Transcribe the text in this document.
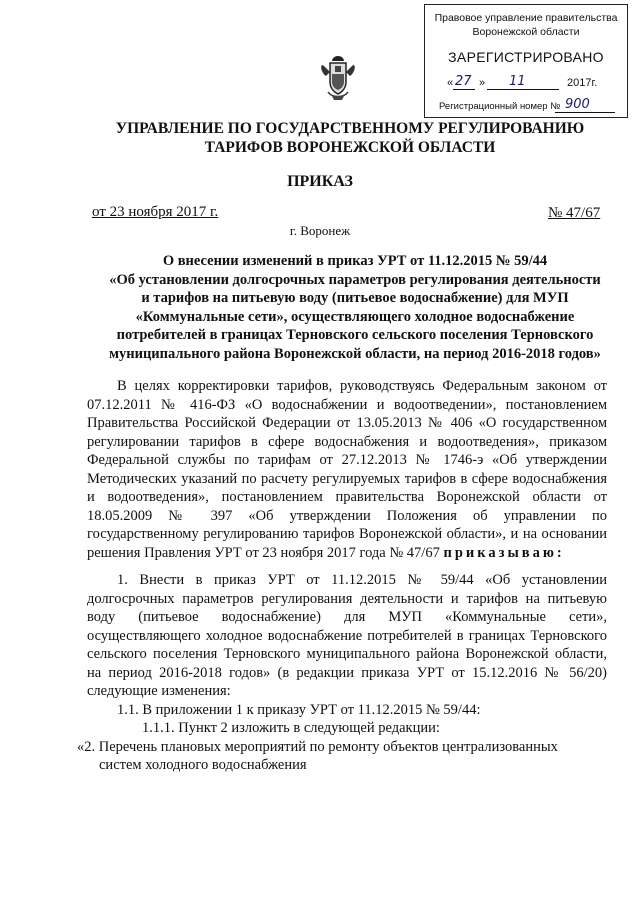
Правовое управление правительства
Воронежской области
ЗАРЕГИСТРИРОВАНО
« 27 » 11	2017г.
Регистрационный номер № 900
УПРАВЛЕНИЕ ПО ГОСУДАРСТВЕННОМУ РЕГУЛИРОВАНИЮ
ТАРИФОВ ВОРОНЕЖСКОЙ ОБЛАСТИ
ПРИКАЗ
от 23 ноября 2017 г.	№ 47/67
г. Воронеж
О внесении изменений в приказ УРТ от 11.12.2015 № 59/44
«Об установлении долгосрочных параметров регулирования деятельности
и тарифов на питьевую воду (питьевое водоснабжение) для МУП
«Коммунальные сети», осуществляющего холодное водоснабжение
потребителей в границах Терновского сельского поселения Терновского
муниципального района Воронежской области, на период 2016-2018 годов»

В целях корректировки тарифов, руководствуясь Федеральным законом от 07.12.2011 № 416-ФЗ «О водоснабжении и водоотведении», постановлением Правительства Российской Федерации от 13.05.2013 № 406 «О государственном регулировании тарифов в сфере водоснабжения и водоотведения», приказом Федеральной службы по тарифам от 27.12.2013 № 1746-э «Об утверждении Методических указаний по расчету регулируемых тарифов в сфере водоснабжения и водоотведения», постановлением правительства Воронежской области от 18.05.2009 № 397 «Об утверждении Положения об управлении по государственному регулированию тарифов Воронежской области», и на основании решения Правления УРТ от 23 ноября 2017 года № 47/67 приказываю:

1. Внести в приказ УРТ от 11.12.2015 № 59/44 «Об установлении долгосрочных параметров регулирования деятельности и тарифов на питьевую воду (питьевое водоснабжение) для МУП «Коммунальные сети», осуществляющего холодное водоснабжение потребителей в границах Терновского сельского поселения Терновского муниципального района Воронежской области, на период 2016-2018 годов» (в редакции приказа УРТ от 15.12.2016 № 56/20) следующие изменения:

1.1. В приложении 1 к приказу УРТ от 11.12.2015 № 59/44:

1.1.1. Пункт 2 изложить в следующей редакции:

«2. Перечень плановых мероприятий по ремонту объектов централизованных
систем холодного водоснабжения
